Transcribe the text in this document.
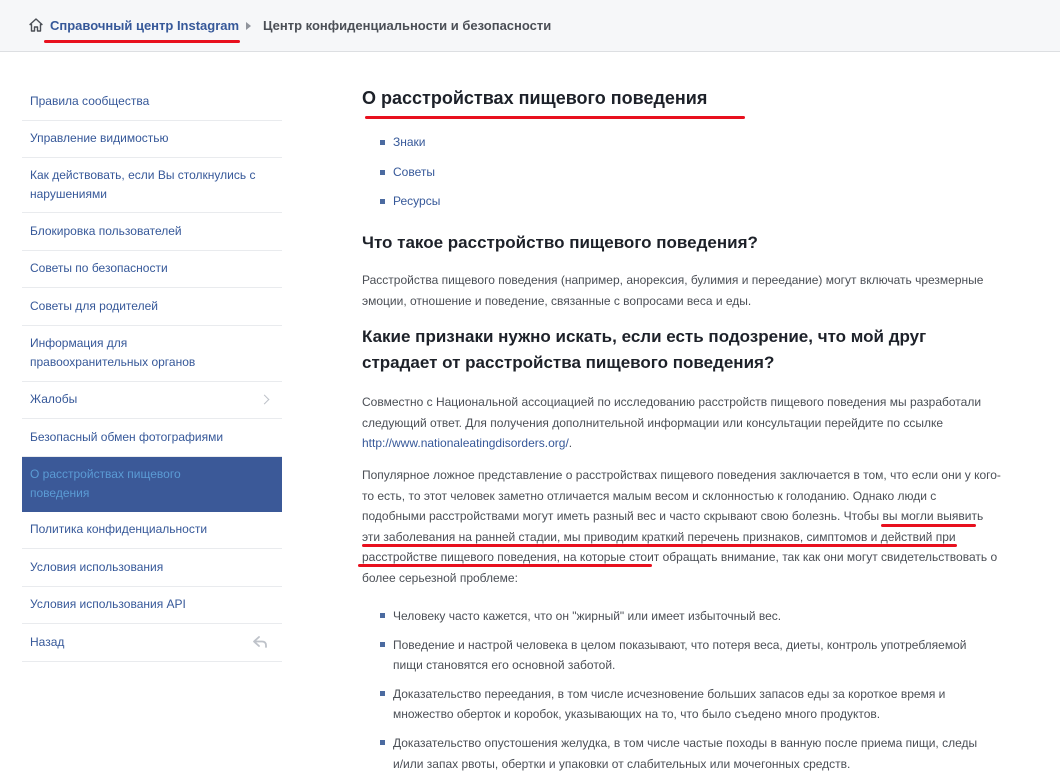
Справочный центр Instagram Центр конфиденциальности и безопасности
Правила сообщества
Управление видимостью
Как действовать, если Вы столкнулись с нарушениями
Блокировка пользователей
Советы по безопасности
Советы для родителей
Информация для правоохранительных органов
Жалобы
Безопасный обмен фотографиями
О расстройствах пищевого поведения
Политика конфиденциальности
Условия использования
Условия использования API
Назад
О расстройствах пищевого поведения
Знаки
Советы
Ресурсы
Что такое расстройство пищевого поведения?

Расстройства пищевого поведения (например, анорексия, булимия и переедание) могут включать чрезмерные эмоции, отношение и поведение, связанные с вопросами веса и еды.

Какие признаки нужно искать, если есть подозрение, что мой друг страдает от расстройства пищевого поведения?

Совместно с Национальной ассоциацией по исследованию расстройств пищевого поведения мы разработали следующий ответ. Для получения дополнительной информации или консультации перейдите по ссылке http://www.nationaleatingdisorders.org/.

Популярное ложное представление о расстройствах пищевого поведения заключается в том, что если они у кого-то есть, то этот человек заметно отличается малым весом и склонностью к голоданию. Однако люди с подобными расстройствами могут иметь разный вес и часто скрывают свою болезнь. Чтобы вы могли выявить эти заболевания на ранней стадии, мы приводим краткий перечень признаков, симптомов и действий при расстройстве пищевого поведения, на которые стоит обращать внимание, так как они могут свидетельствовать о более серьезной проблеме:

Человеку часто кажется, что он "жирный" или имеет избыточный вес.
Поведение и настрой человека в целом показывают, что потеря веса, диеты, контроль употребляемой пищи становятся его основной заботой.
Доказательство переедания, в том числе исчезновение больших запасов еды за короткое время и множество оберток и коробок, указывающих на то, что было съедено много продуктов.
Доказательство опустошения желудка, в том числе частые походы в ванную после приема пищи, следы и/или запах рвоты, обертки и упаковки от слабительных или мочегонных средств.
